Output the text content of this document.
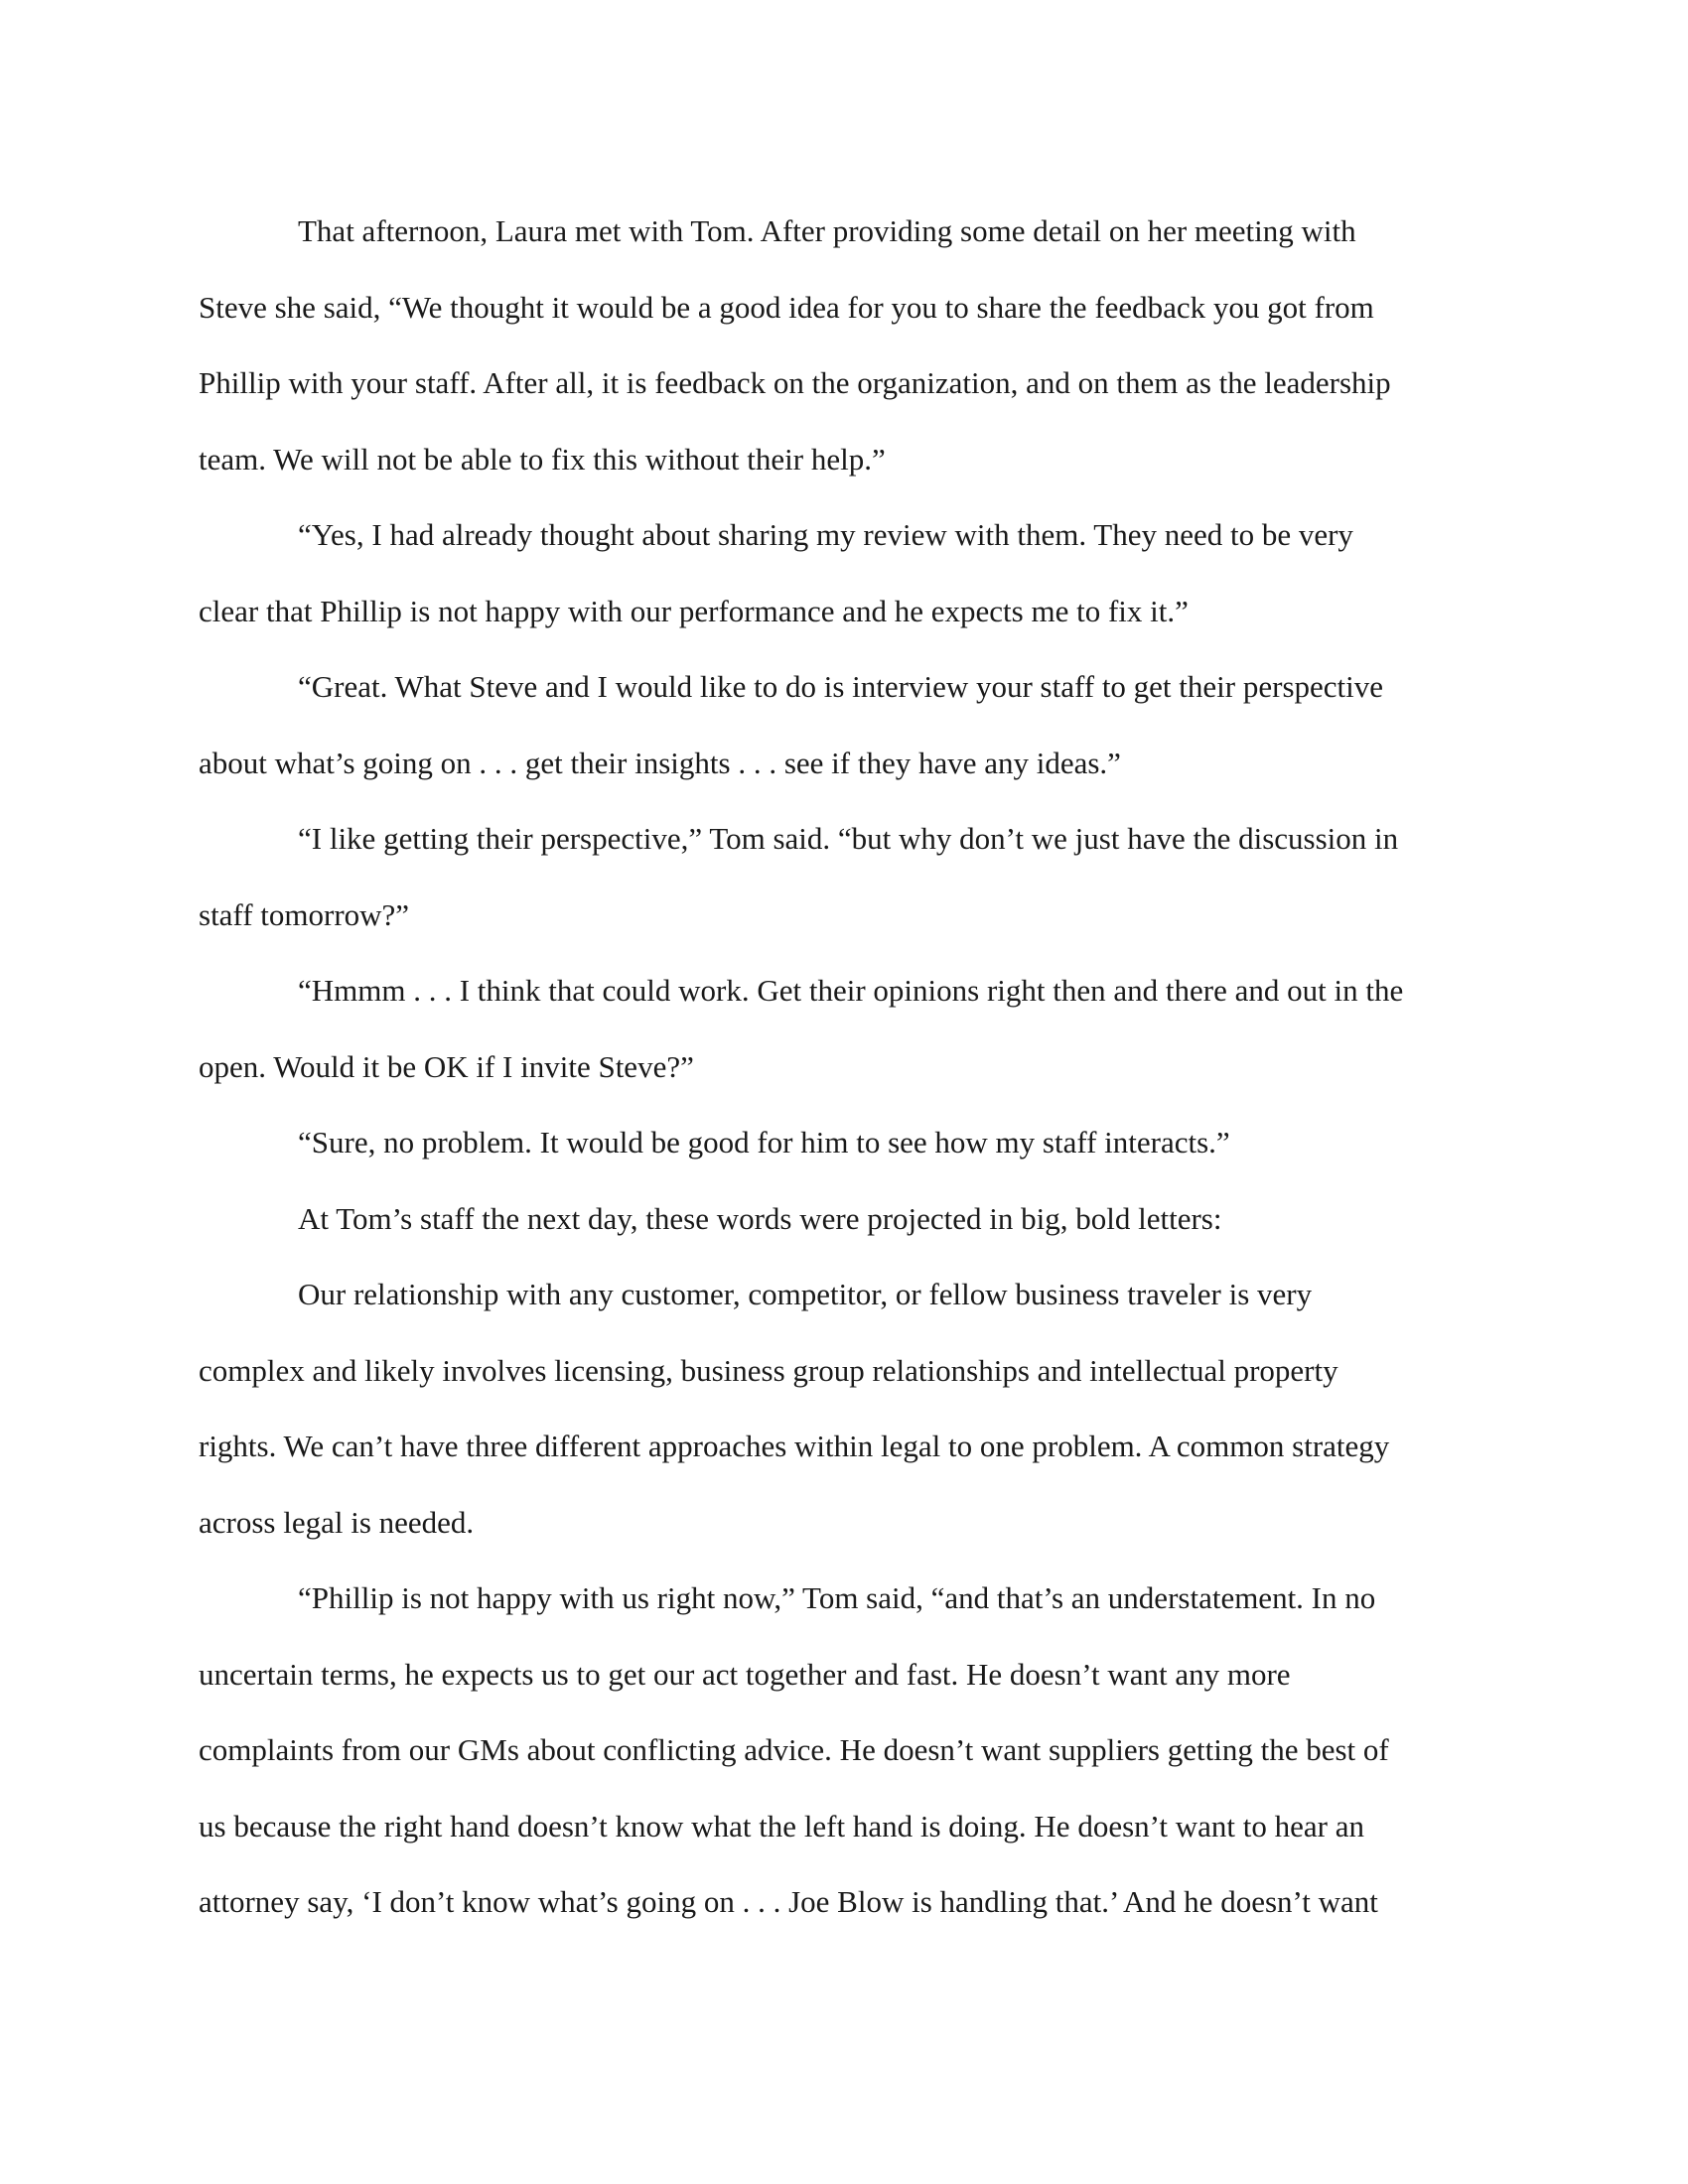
That afternoon, Laura met with Tom. After providing some detail on her meeting with
Steve she said, “We thought it would be a good idea for you to share the feedback you got from
Phillip with your staff. After all, it is feedback on the organization, and on them as the leadership
team. We will not be able to fix this without their help.”
“Yes, I had already thought about sharing my review with them. They need to be very
clear that Phillip is not happy with our performance and he expects me to fix it.”
“Great. What Steve and I would like to do is interview your staff to get their perspective
about what’s going on . . . get their insights . . . see if they have any ideas.”
“I like getting their perspective,” Tom said. “but why don’t we just have the discussion in
staff tomorrow?”
“Hmmm . . . I think that could work. Get their opinions right then and there and out in the
open. Would it be OK if I invite Steve?”
“Sure, no problem. It would be good for him to see how my staff interacts.”
At Tom’s staff the next day, these words were projected in big, bold letters:
Our relationship with any customer, competitor, or fellow business traveler is very
complex and likely involves licensing, business group relationships and intellectual property
rights. We can’t have three different approaches within legal to one problem. A common strategy
across legal is needed.
“Phillip is not happy with us right now,” Tom said, “and that’s an understatement. In no
uncertain terms, he expects us to get our act together and fast. He doesn’t want any more
complaints from our GMs about conflicting advice. He doesn’t want suppliers getting the best of
us because the right hand doesn’t know what the left hand is doing. He doesn’t want to hear an
attorney say, ‘I don’t know what’s going on . . . Joe Blow is handling that.’ And he doesn’t want
